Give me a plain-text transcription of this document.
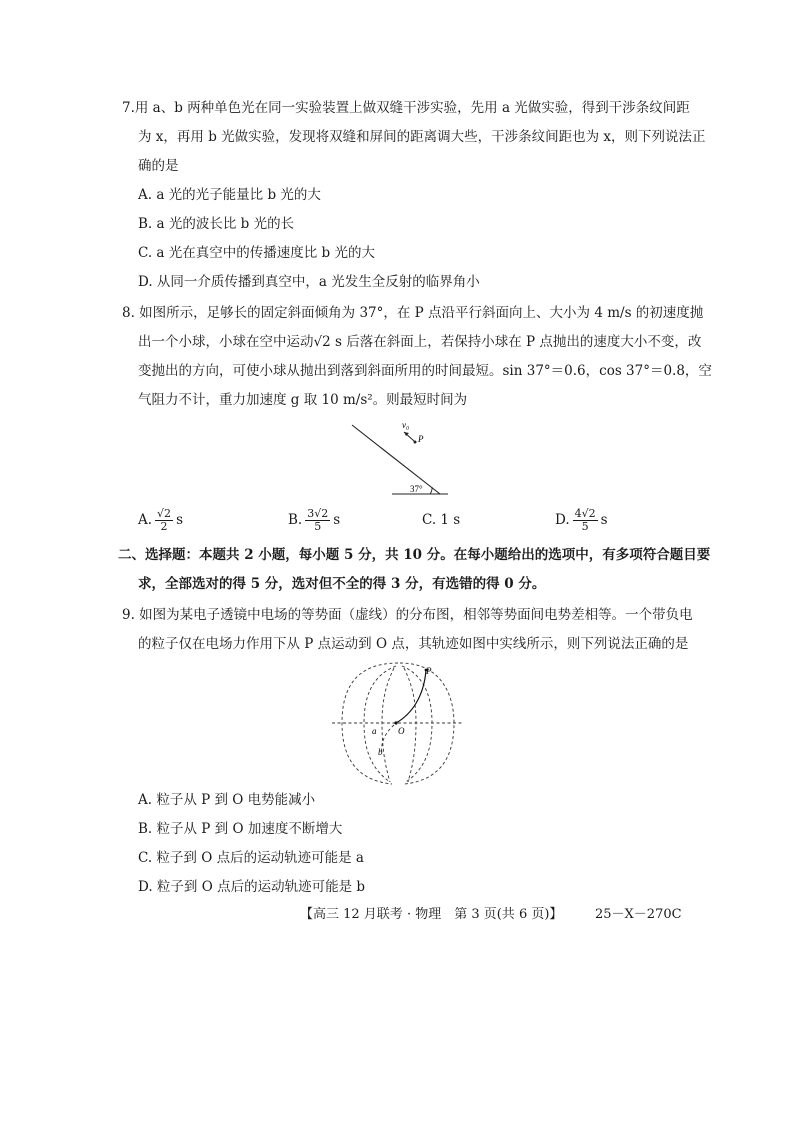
7.用 a、b 两种单色光在同一实验装置上做双缝干涉实验，先用 a 光做实验，得到干涉条纹间距
为 x，再用 b 光做实验，发现将双缝和屏间的距离调大些，干涉条纹间距也为 x，则下列说法正
确的是
A. a 光的光子能量比 b 光的大
B. a 光的波长比 b 光的长
C. a 光在真空中的传播速度比 b 光的大
D. 从同一介质传播到真空中，a 光发生全反射的临界角小
8. 如图所示，足够长的固定斜面倾角为 37°，在 P 点沿平行斜面向上、大小为 4 m/s 的初速度抛
出一个小球，小球在空中运动√2 s 后落在斜面上，若保持小球在 P 点抛出的速度大小不变，改
变抛出的方向，可使小球从抛出到落到斜面所用的时间最短。sin 37°＝0.6，cos 37°＝0.8，空
气阻力不计，重力加速度 g 取 10 m/s²。则最短时间为
v₀
P
37°
A. $\frac{√2}{2}$ s	B. $\frac{3√2}{5}$ s	C. 1 s	D. $\frac{4√2}{5}$ s
二、选择题：本题共 2 小题，每小题 5 分，共 10 分。在每小题给出的选项中，有多项符合题目要
求，全部选对的得 5 分，选对但不全的得 3 分，有选错的得 0 分。
9. 如图为某电子透镜中电场的等势面（虚线）的分布图，相邻等势面间电势差相等。一个带负电
的粒子仅在电场力作用下从 P 点运动到 O 点，其轨迹如图中实线所示，则下列说法正确的是
P
O
a
b
A. 粒子从 P 到 O 电势能减小
B. 粒子从 P 到 O 加速度不断增大
C. 粒子到 O 点后的运动轨迹可能是 a
D. 粒子到 O 点后的运动轨迹可能是 b
【高三 12 月联考 · 物理　第 3 页(共 6 页)】	25－X－270C
